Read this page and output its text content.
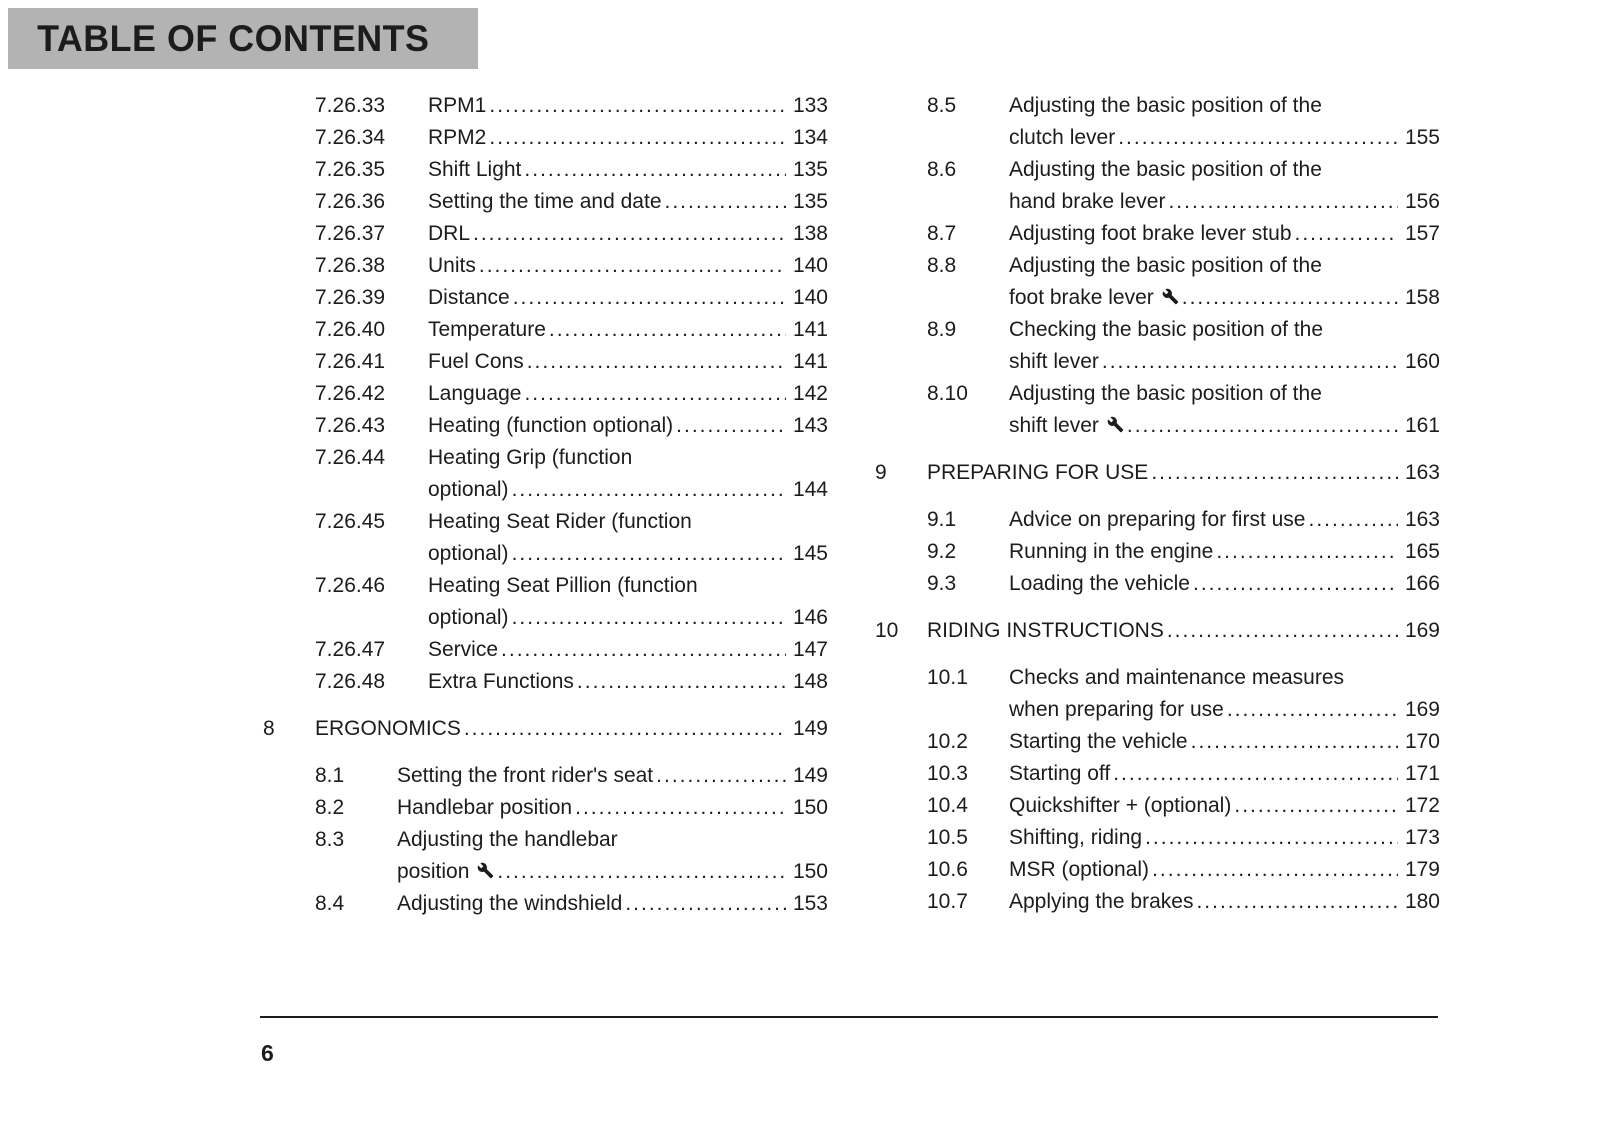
TABLE OF CONTENTS
7.26.33	RPM1 .....	133
7.26.34	RPM2 .....	134
7.26.35	Shift Light .....	135
7.26.36	Setting the time and date .....	135
7.26.37	DRL .....	138
7.26.38	Units .....	140
7.26.39	Distance .....	140
7.26.40	Temperature .....	141
7.26.41	Fuel Cons .....	141
7.26.42	Language .....	142
7.26.43	Heating (function optional) .....	143
7.26.44	Heating Grip (function
optional) .....	144
7.26.45	Heating Seat Rider (function
optional) .....	145
7.26.46	Heating Seat Pillion (function
optional) .....	146
7.26.47	Service .....	147
7.26.48	Extra Functions .....	148
8	ERGONOMICS .....	149
8.1	Setting the front rider's seat .....	149
8.2	Handlebar position .....	150
8.3	Adjusting the handlebar
position .....	150
8.4	Adjusting the windshield .....	153
8.5	Adjusting the basic position of the
clutch lever .....	155
8.6	Adjusting the basic position of the
hand brake lever .....	156
8.7	Adjusting foot brake lever stub .....	157
8.8	Adjusting the basic position of the
foot brake lever .....	158
8.9	Checking the basic position of the
shift lever .....	160
8.10	Adjusting the basic position of the
shift lever .....	161
9	PREPARING FOR USE .....	163
9.1	Advice on preparing for first use .....	163
9.2	Running in the engine .....	165
9.3	Loading the vehicle .....	166
10	RIDING INSTRUCTIONS .....	169
10.1	Checks and maintenance measures
when preparing for use .....	169
10.2	Starting the vehicle .....	170
10.3	Starting off .....	171
10.4	Quickshifter + (optional) .....	172
10.5	Shifting, riding .....	173
10.6	MSR (optional) .....	179
10.7	Applying the brakes .....	180
6
